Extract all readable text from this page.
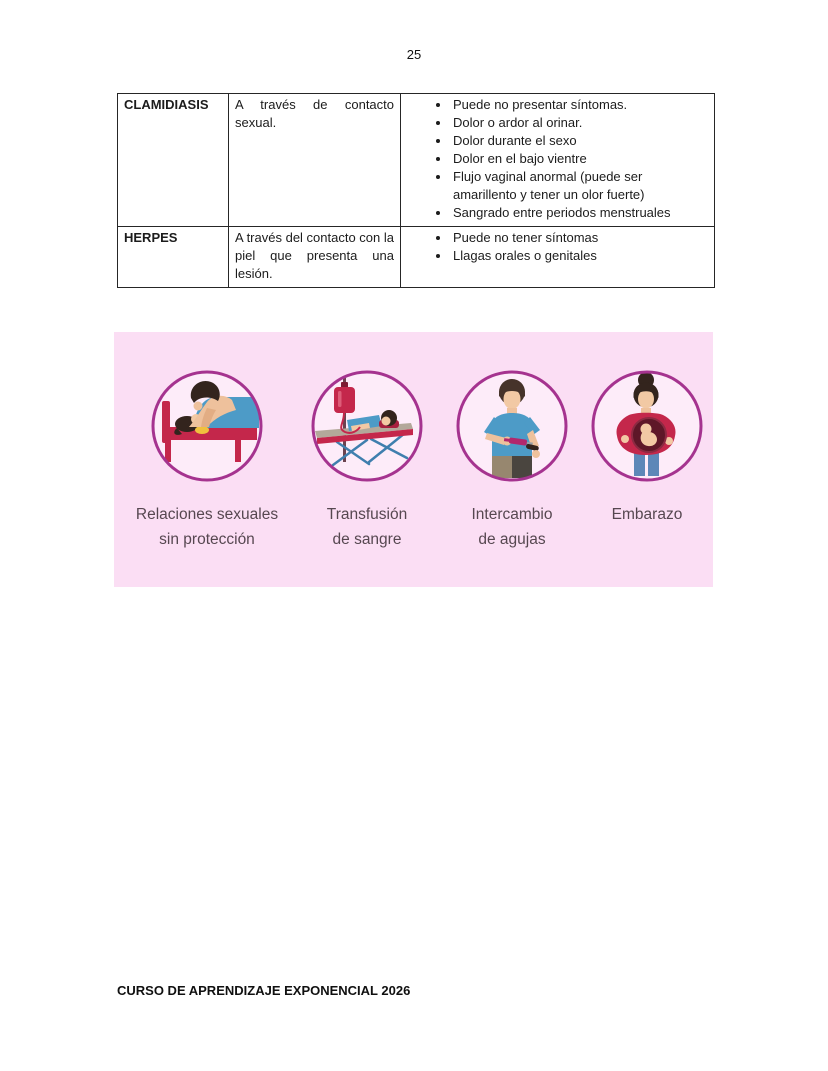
25
CLAMIDIASIS	A través de contacto sexual.	
• Puede no presentar síntomas.
• Dolor o ardor al orinar.
• Dolor durante el sexo
• Dolor en el bajo vientre
• Flujo vaginal anormal (puede ser amarillento y tener un olor fuerte)
• Sangrado entre periodos menstruales

HERPES	A través del contacto con la piel que presenta una lesión.	
• Puede no tener síntomas
• Llagas orales o genitales
Relaciones sexuales sin protección
Transfusión de sangre
Intercambio de agujas
Embarazo
CURSO DE APRENDIZAJE EXPONENCIAL 2026
